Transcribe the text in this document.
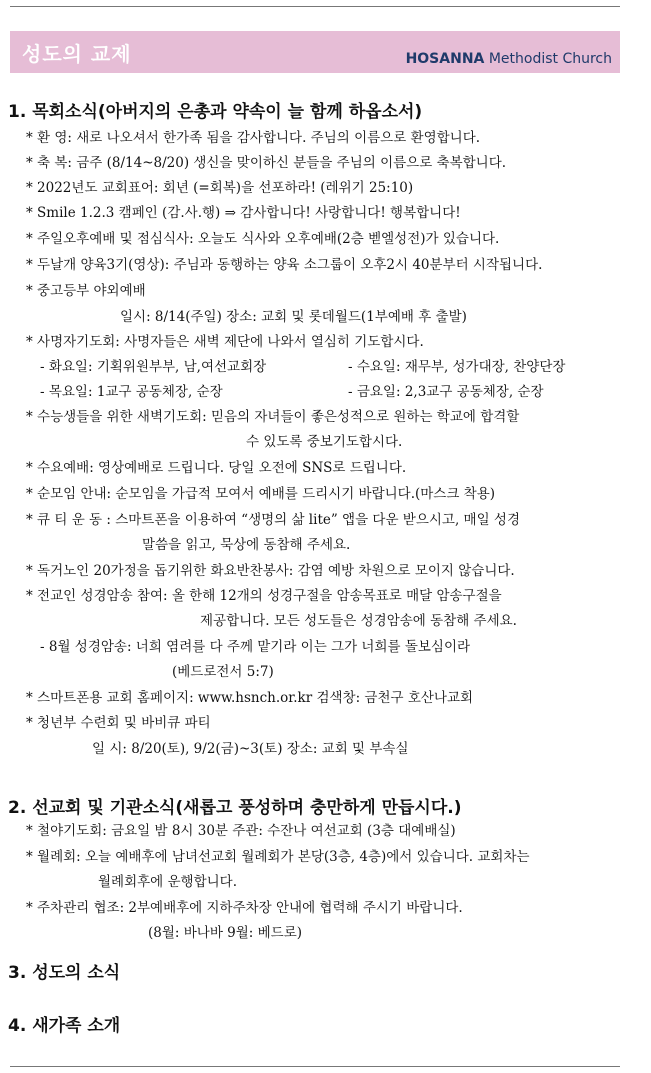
성도의 교제	HOSANNA Methodist Church
1. 목회소식(아버지의 은총과 약속이 늘 함께 하옵소서)
* 환 영: 새로 나오셔서 한가족 됨을 감사합니다. 주님의 이름으로 환영합니다.
* 축 복: 금주 (8/14~8/20) 생신을 맞이하신 분들을 주님의 이름으로 축복합니다.
* 2022년도 교회표어: 회년 (=회복)을 선포하라! (레위기 25:10)
* Smile 1.2.3 캠페인 (감.사.행) ⇒ 감사합니다! 사랑합니다! 행복합니다!
* 주일오후예배 및 점심식사: 오늘도 식사와 오후예배(2층 벧엘성전)가 있습니다.
* 두날개 양육3기(영상): 주님과 동행하는 양육 소그룹이 오후2시 40분부터 시작됩니다.
* 중고등부 야외예배
일시: 8/14(주일) 장소: 교회 및 롯데월드(1부예배 후 출발)
* 사명자기도회: 사명자들은 새벽 제단에 나와서 열심히 기도합시다.
- 화요일: 기획위원부부, 남,여선교회장	- 수요일: 재무부, 성가대장, 찬양단장
- 목요일: 1교구 공동체장, 순장	- 금요일: 2,3교구 공동체장, 순장
* 수능생들을 위한 새벽기도회: 믿음의 자녀들이 좋은성적으로 원하는 학교에 합격할
수 있도록 중보기도합시다.
* 수요예배: 영상예배로 드립니다. 당일 오전에 SNS로 드립니다.
* 순모임 안내: 순모임을 가급적 모여서 예배를 드리시기 바랍니다.(마스크 착용)
* 큐 티 운 동 : 스마트폰을 이용하여 “생명의 삶 lite” 앱을 다운 받으시고, 매일 성경
말씀을 읽고, 묵상에 동참해 주세요.
* 독거노인 20가정을 돕기위한 화요반찬봉사: 감염 예방 차원으로 모이지 않습니다.
* 전교인 성경암송 참여: 올 한해 12개의 성경구절을 암송목표로 매달 암송구절을
제공합니다. 모든 성도들은 성경암송에 동참해 주세요.
- 8월 성경암송: 너희 염려를 다 주께 맡기라 이는 그가 너희를 돌보심이라
(베드로전서 5:7)
* 스마트폰용 교회 홈페이지: www.hsnch.or.kr 검색창: 금천구 호산나교회
* 청년부 수련회 및 바비큐 파티
일 시: 8/20(토), 9/2(금)~3(토) 장소: 교회 및 부속실
2. 선교회 및 기관소식(새롭고 풍성하며 충만하게 만듭시다.)
* 철야기도회: 금요일 밤 8시 30분 주관: 수잔나 여선교회 (3층 대예배실)
* 월례회: 오늘 예배후에 남녀선교회 월례회가 본당(3층, 4층)에서 있습니다. 교회차는
월례회후에 운행합니다.
* 주차관리 협조: 2부예배후에 지하주차장 안내에 협력해 주시기 바랍니다.
(8월: 바나바 9월: 베드로)
3. 성도의 소식
4. 새가족 소개
